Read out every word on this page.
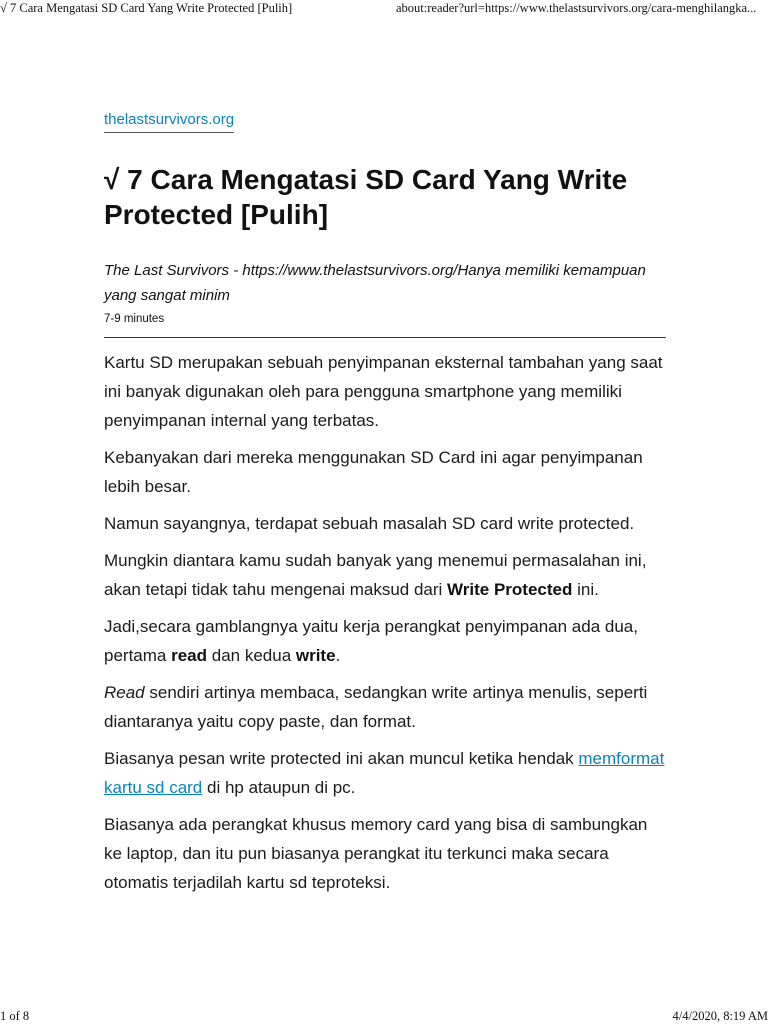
√ 7 Cara Mengatasi SD Card Yang Write Protected [Pulih]	about:reader?url=https://www.thelastsurvivors.org/cara-menghilangka...
thelastsurvivors.org
√ 7 Cara Mengatasi SD Card Yang Write Protected [Pulih]
The Last Survivors - https://www.thelastsurvivors.org/Hanya memiliki kemampuan yang sangat minim
7-9 minutes

Kartu SD merupakan sebuah penyimpanan eksternal tambahan yang saat ini banyak digunakan oleh para pengguna smartphone yang memiliki penyimpanan internal yang terbatas.

Kebanyakan dari mereka menggunakan SD Card ini agar penyimpanan lebih besar.

Namun sayangnya, terdapat sebuah masalah SD card write protected.

Mungkin diantara kamu sudah banyak yang menemui permasalahan ini, akan tetapi tidak tahu mengenai maksud dari Write Protected ini.

Jadi,secara gamblangnya yaitu kerja perangkat penyimpanan ada dua, pertama read dan kedua write.

Read sendiri artinya membaca, sedangkan write artinya menulis, seperti diantaranya yaitu copy paste, dan format.

Biasanya pesan write protected ini akan muncul ketika hendak memformat kartu sd card di hp ataupun di pc.

Biasanya ada perangkat khusus memory card yang bisa di sambungkan ke laptop, dan itu pun biasanya perangkat itu terkunci maka secara otomatis terjadilah kartu sd teproteksi.

1 of 8	4/4/2020, 8:19 AM
